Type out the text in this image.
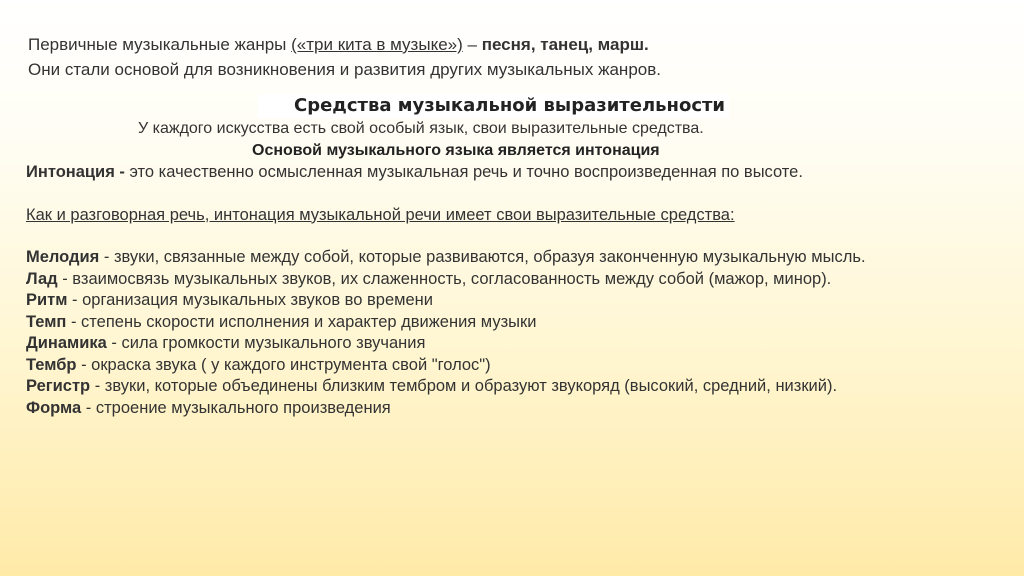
Первичные музыкальные жанры («три кита в музыке») – песня, танец, марш.

Они стали основой для возникновения и развития других музыкальных жанров.

Средства музыкальной выразительности
У каждого искусства есть свой особый язык, свои выразительные средства.
Основой музыкального языка является интонация

Интонация - это качественно осмысленная музыкальная речь и точно воспроизведенная по высоте.

Как и разговорная речь, интонация музыкальной речи имеет свои выразительные средства:

Мелодия - звуки, связанные между собой, которые развиваются, образуя законченную музыкальную мысль.

Лад - взаимосвязь музыкальных звуков, их слаженность, согласованность между собой (мажор, минор).

Ритм - организация музыкальных звуков во времени

Темп - степень скорости исполнения и характер движения музыки

Динамика - сила громкости музыкального звучания

Тембр - окраска звука ( у каждого инструмента свой "голос")

Регистр - звуки, которые объединены близким тембром и образуют звукоряд (высокий, средний, низкий).

Форма - строение музыкального произведения
